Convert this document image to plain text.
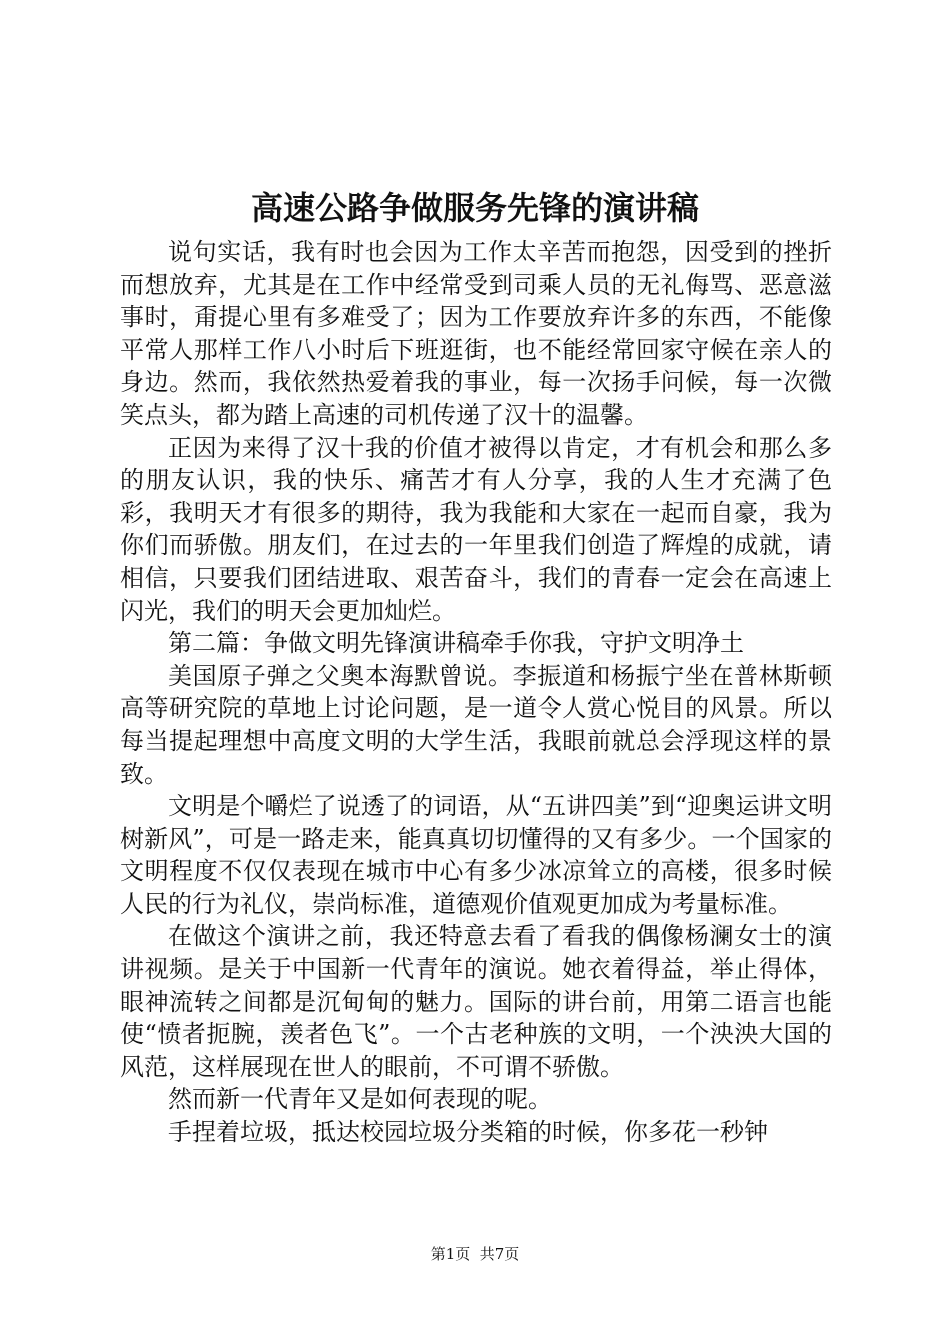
高速公路争做服务先锋的演讲稿

说句实话，我有时也会因为工作太辛苦而抱怨，因受到的挫折而想放弃，尤其是在工作中经常受到司乘人员的无礼侮骂、恶意滋事时，甭提心里有多难受了；因为工作要放弃许多的东西，不能像平常人那样工作八小时后下班逛街，也不能经常回家守候在亲人的身边。然而，我依然热爱着我的事业，每一次扬手问候，每一次微笑点头，都为踏上高速的司机传递了汉十的温馨。

正因为来得了汉十我的价值才被得以肯定，才有机会和那么多的朋友认识，我的快乐、痛苦才有人分享，我的人生才充满了色彩，我明天才有很多的期待，我为我能和大家在一起而自豪，我为你们而骄傲。朋友们，在过去的一年里我们创造了辉煌的成就，请相信，只要我们团结进取、艰苦奋斗，我们的青春一定会在高速上闪光，我们的明天会更加灿烂。

第二篇：争做文明先锋演讲稿牵手你我，守护文明净土

美国原子弹之父奥本海默曾说。李振道和杨振宁坐在普林斯顿高等研究院的草地上讨论问题，是一道令人赏心悦目的风景。所以每当提起理想中高度文明的大学生活，我眼前就总会浮现这样的景致。

文明是个嚼烂了说透了的词语，从“五讲四美”到“迎奥运讲文明树新风”，可是一路走来，能真真切切懂得的又有多少。一个国家的文明程度不仅仅表现在城市中心有多少冰凉耸立的高楼，很多时候人民的行为礼仪，崇尚标准，道德观价值观更加成为考量标准。

在做这个演讲之前，我还特意去看了看我的偶像杨澜女士的演讲视频。是关于中国新一代青年的演说。她衣着得益，举止得体，眼神流转之间都是沉甸甸的魅力。国际的讲台前，用第二语言也能使“愤者扼腕，羡者色飞”。一个古老种族的文明，一个泱泱大国的风范，这样展现在世人的眼前，不可谓不骄傲。

然而新一代青年又是如何表现的呢。

手捏着垃圾，抵达校园垃圾分类箱的时候，你多花一秒钟

第1页  共7页
